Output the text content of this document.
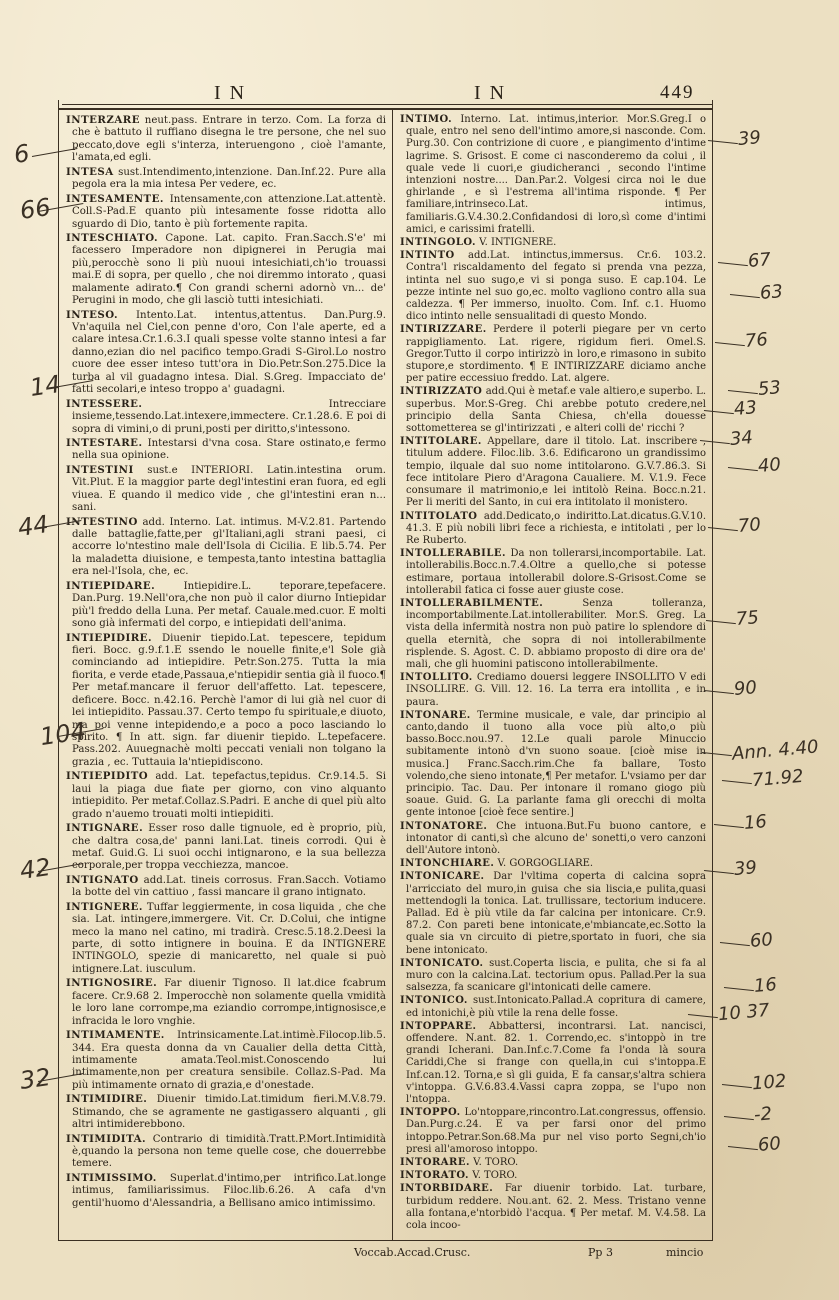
I N	I N	449
INTERZARE neut.pass. Entrare in terzo. Com. La forza di che è battuto il ruffiano disegna le tre persone, che nel suo peccato,dove egli s'interza, interuengono , cioè l'amante, l'amata,ed egli.
INTESA sust.Intendimento,intenzione. Dan.Inf.22. Pure alla pegola era la mia intesa Per vedere, ec.
INTESAMENTE. Intensamente,con attenzione.Lat.attentè. Coll.S-Pad.E quanto più intesamente fosse ridotta allo sguardo di Dio, tanto è più fortemente rapita.
INTESCHIATO. Capone. Lat. capito. Fran.Sacch.S'e' mi facessero Imperadore non dipignerei in Perugia mai più,perocchè sono li più nuoui intesichiati,ch'io trouassi mai.E di sopra, per quello , che noi diremmo intorato , quasi malamente adirato.¶ Con grandi scherni adornò vn... de' Perugini in modo, che gli lasciò tutti intesichiati.
INTESO. Intento.Lat. intentus,attentus. Dan.Purg.9. Vn'aquila nel Ciel,con penne d'oro, Con l'ale aperte, ed a calare intesa.Cr.1.6.3.I quali spesse volte stanno intesi a far danno,ezian dio nel pacifico tempo.Gradi S-Girol.Lo nostro cuore dee esser inteso tutt'ora in Dio.Petr.Son.275.Dice la turba al vil guadagno intesa. Dial. S.Greg. Impacciato de' fatti secolari,e inteso troppo a' guadagni.
INTESSERE. Intrecciare insieme,tessendo.Lat.intexere,immectere. Cr.1.28.6. E poi di sopra di vimini,o di pruni,posti per diritto,s'intessono.
INTESTARE. Intestarsi d'vna cosa. Stare ostinato,e fermo nella sua opinione.
INTESTINI sust.e INTERIORI. Latin.intestina orum. Vit.Plut. E la maggior parte degl'intestini eran fuora, ed egli viuea. E quando il medico vide , che gl'intestini eran n... sani.
INTESTINO add. Interno. Lat. intimus. M-V.2.81. Partendo dalle battaglie,fatte,per gl'Italiani,agli strani paesi, ci accorre lo'ntestino male dell'Isola di Cicilia. E lib.5.74. Per la maladetta diuisione, e tempesta,tanto intestina battaglia era nel-l'Isola, che, ec.
INTIEPIDARE. Intiepidire.L. teporare,tepefacere. Dan.Purg. 19.Nell'ora,che non può il calor diurno Intiepidar più'l freddo della Luna. Per metaf. Cauale.med.cuor. E molti sono già infermati del corpo, e intiepidati dell'anima.
INTIEPIDIRE. Diuenir tiepido.Lat. tepescere, tepidum fieri. Bocc. g.9.f.1.E ssendo le nouelle finite,e'l Sole già cominciando ad intiepidire. Petr.Son.275. Tutta la mia fiorita, e verde etade,Passaua,e'ntiepidir sentia già il fuoco.¶ Per metaf.mancare il feruor dell'affetto. Lat. tepescere, deficere. Bocc. n.42.16. Perchè l'amor di lui già nel cuor di lei intiepidito. Passau.37. Certo tempo fu spirituale,e diuoto, ma poi venne intepidendo,e a poco a poco lasciando lo spirito. ¶ In att. sign. far diuenir tiepido. L.tepefacere. Pass.202. Auuegnachè molti peccati veniali non tolgano la grazia , ec. Tuttauia la'ntiepidiscono.
INTIEPIDITO add. Lat. tepefactus,tepidus. Cr.9.14.5. Si laui la piaga due fiate per giorno, con vino alquanto intiepidito. Per metaf.Collaz.S.Padri. E anche di quel più alto grado n'auemo trouati molti intiepiditi.
INTIGNARE. Esser roso dalle tignuole, ed è proprio, più, che daltra cosa,de' panni lani.Lat. tineis corrodi. Qui è metaf. Guid.G. Li suoi occhi intignarono, e la sua bellezza corporale,per troppa vecchiezza, mancoe.
INTIGNATO add.Lat. tineis corrosus. Fran.Sacch. Votiamo la botte del vin cattiuo , fassi mancare il grano intignato.
INTIGNERE. Tuffar leggiermente, in cosa liquida , che che sia. Lat. intingere,immergere. Vit. Cr. D.Colui, che intigne meco la mano nel catino, mi tradirà. Cresc.5.18.2.Deesi la parte, di sotto intignere in bouina. E da INTIGNERE INTINGOLO, spezie di manicaretto, nel quale si può intignere.Lat. iusculum.
INTIGNOSIRE. Far diuenir Tignoso. Il lat.dice fcabrum facere. Cr.9.68 2. Imperocchè non solamente quella vmidità le loro lane corrompe,ma eziandio corrompe,intignosisce,e infracida le loro vnghie.
INTIMAMENTE. Intrinsicamente.Lat.intimè.Filocop.lib.5. 344. Era questa donna da vn Caualier della detta Città, intimamente amata.Teol.mist.Conoscendo lui intimamente,non per creatura sensibile. Collaz.S-Pad. Ma più intimamente ornato di grazia,e d'onestade.
INTIMIDIRE. Diuenir timido.Lat.timidum fieri.M.V.8.79. Stimando, che se agramente ne gastigassero alquanti , gli altri intimiderebbono.
INTIMIDITA. Contrario di timidità.Tratt.P.Mort.Intimidità è,quando la persona non teme quelle cose, che douerrebbe temere.
INTIMISSIMO. Superlat.d'intimo,per intrifico.Lat.longe intimus, familiarissimus. Filoc.lib.6.26. A cafa d'vn gentil'huomo d'Alessandria, a Bellisano amico intimissimo.
INTIMO. Interno. Lat. intimus,interior. Mor.S.Greg.I o quale, entro nel seno dell'intimo amore,si nasconde. Com. Purg.30. Con contrizione di cuore , e piangimento d'intime lagrime. S. Grisost. E come ci nasconderemo da colui , il quale vede li cuori,e giudicheranci , secondo l'intime intenzioni nostre.... Dan.Par.2. Volgesi circa noi le due ghirlande , e sì l'estrema all'intima risponde. ¶ Per familiare,intrinseco.Lat. intimus, familiaris.G.V.4.30.2.Confidandosi di loro,sì come d'intimi amici, e carissimi fratelli.
INTINGOLO. V. INTIGNERE.
INTINTO add.Lat. intinctus,immersus. Cr.6. 103.2. Contra'l riscaldamento del fegato si prenda vna pezza, intinta nel suo sugo,e vi si ponga suso. E cap.104. Le pezze intinte nel suo go,ec. molto vagliono contro alla sua caldezza. ¶ Per immerso, inuolto. Com. Inf. c.1. Huomo dico intinto nelle sensualitadi di questo Mondo.
INTIRIZZARE. Perdere il poterli piegare per vn certo rappigliamento. Lat. rigere, rigidum fieri. Omel.S. Gregor.Tutto il corpo intirizzò in loro,e rimasono in subito stupore,e stordimento. ¶ E INTIRIZZARE diciamo anche per patire eccessiuo freddo. Lat. algere.
INTIRIZZATO add.Qui è metaf.e vale altiero,e superbo. L. superbus. Mor.S-Greg. Chi arebbe potuto credere,nel principio della Santa Chiesa, ch'ella douesse sottometterea se gl'intirizzati , e alteri colli de' ricchi ?
INTITOLARE. Appellare, dare il titolo. Lat. inscribere , titulum addere. Filoc.lib. 3.6. Edificarono un grandissimo tempio, ilquale dal suo nome intitolarono. G.V.7.86.3. Si fece intitolare Piero d'Aragona Caualiere. M. V.1.9. Fece consumare il matrimonio,e lei intitolò Reina. Bocc.n.21. Per li meriti del Santo, in cui era intitolato il monistero.
INTITOLATO add.Dedicato,o indiritto.Lat.dicatus.G.V.10. 41.3. E più nobili libri fece a richiesta, e intitolati , per lo Re Ruberto.
INTOLLERABILE. Da non tollerarsi,incomportabile. Lat. intollerabilis.Bocc.n.7.4.Oltre a quello,che si potesse estimare, portaua intollerabil dolore.S-Grisost.Come se intollerabil fatica ci fosse auer giuste cose.
INTOLLERABILMENTE. Senza tolleranza, incomportabilmente.Lat.intollerabiliter. Mor.S. Greg. La vista della infermità nostra non può patire lo splendore di quella eternità, che sopra di noi intollerabilmente risplende. S. Agost. C. D. abbiamo proposto di dire ora de' mali, che gli huomini patiscono intollerabilmente.
INTOLLITO. Crediamo douersi leggere INSOLLITO V edi INSOLLIRE. G. Vill. 12. 16. La terra era intollita , e in paura.
INTONARE. Termine musicale, e vale, dar principio al canto,dando il tuono alla voce più alto,o più basso.Bocc.nou.97. 12.Le quali parole Minuccio subitamente intonò d'vn suono soaue. [cioè mise in musica.] Franc.Sacch.rim.Che fa ballare, Tosto volendo,che sieno intonate,¶ Per metafor. L'vsiamo per dar principio. Tac. Dau. Per intonare il romano giogo più soaue. Guid. G. La parlante fama gli orecchi di molta gente intonoe [cioè fece sentire.]
INTONATORE. Che intuona.But.Fu buono cantore, e intonator di canti,sì che alcuno de' sonetti,o vero canzoni dell'Autore intonò.
INTONCHIARE. V. GORGOGLIARE.
INTONICARE. Dar l'vltima coperta di calcina sopra l'arricciato del muro,in guisa che sia liscia,e pulita,quasi mettendogli la tonica. Lat. trullissare, tectorium inducere. Pallad. Ed è più vtile da far calcina per intonicare. Cr.9. 87.2. Con pareti bene intonicate,e'mbiancate,ec.Sotto la quale sia vn circuito di pietre,sportato in fuori, che sia bene intonicato.
INTONICATO. sust.Coperta liscia, e pulita, che si fa al muro con la calcina.Lat. tectorium opus. Pallad.Per la sua salsezza, fa scanicare gl'intonicati delle camere.
INTONICO. sust.Intonicato.Pallad.A copritura di camere, ed intonichi,è più vtile la rena delle fosse.
INTOPPARE. Abbattersi, incontrarsi. Lat. nancisci, offendere. N.ant. 82. 1. Correndo,ec. s'intoppò in tre grandi Icherani. Dan.Inf.c.7.Come fa l'onda là soura Cariddi,Che si frange con quella,in cui s'intoppa.E Inf.can.12. Torna,e sì gli guida, E fa cansar,s'altra schiera v'intoppa. G.V.6.83.4.Vassi capra zoppa, se l'upo non l'ntoppa.
INTOPPO. Lo'ntoppare,rincontro.Lat.congressus, offensio. Dan.Purg.c.24. E va per farsi onor del primo intoppo.Petrar.Son.68.Ma pur nel viso porto Segni,ch'io presi all'amoroso intoppo.
INTORARE. V. TORO.
INTORATO. V. TORO.
INTORBIDARE. Far diuenir torbido. Lat. turbare, turbidum reddere. Nou.ant. 62. 2. Mess. Tristano venne alla fontana,e'ntorbidò l'acqua. ¶ Per metaf. M. V.4.58. La cola incoo-
Voccab.Accad.Crusc.	Pp 3	mincio
6
66
14
44
104
42
32
39
67
63
76
53
43
34
40
70
75
90
Ann. 4.40
71.92
16
39
60
16
10 37
102
-2
60
